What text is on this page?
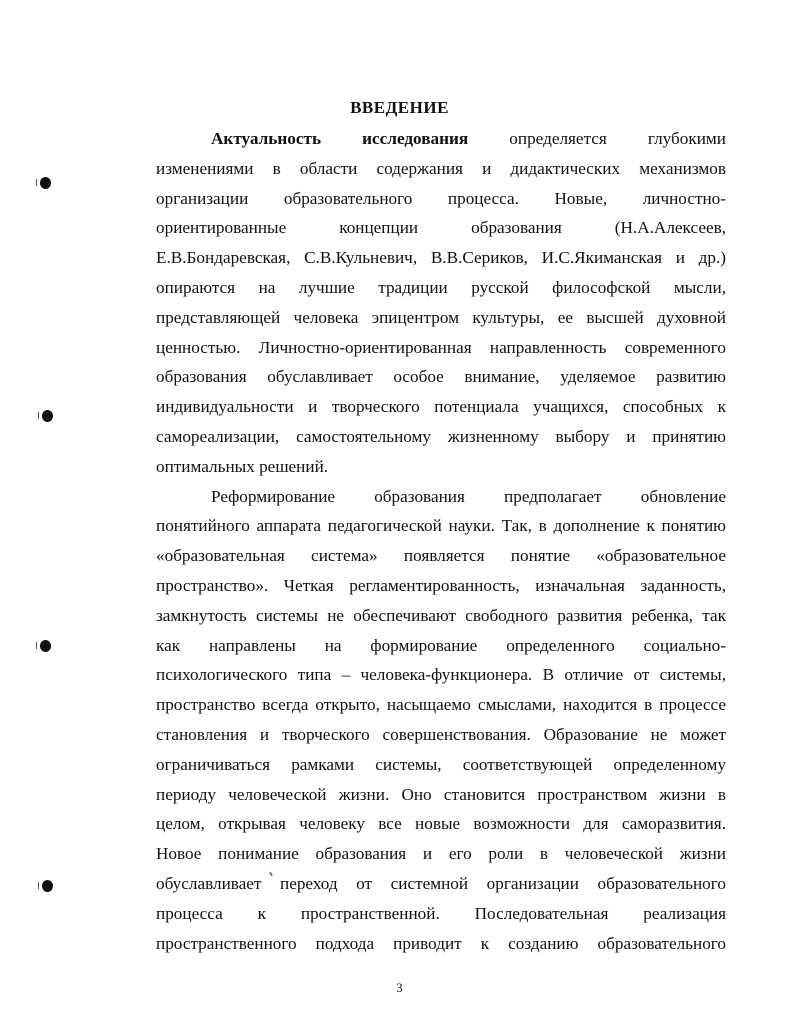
ВВЕДЕНИЕ
Актуальность исследования определяется глубокими
изменениями в области содержания и дидактических механизмов
организации образовательного процесса. Новые, личностно-
ориентированные концепции образования (Н.А.Алексеев,
Е.В.Бондаревская, С.В.Кульневич, В.В.Сериков, И.С.Якиманская и др.)
опираются на лучшие традиции русской философской мысли,
представляющей человека эпицентром культуры, ее высшей духовной
ценностью. Личностно-ориентированная направленность современного
образования обуславливает особое внимание, уделяемое развитию
индивидуальности и творческого потенциала учащихся, способных к
самореализации, самостоятельному жизненному выбору и принятию
оптимальных решений.
Реформирование образования предполагает обновление
понятийного аппарата педагогической науки. Так, в дополнение к понятию
«образовательная система» появляется понятие «образовательное
пространство». Четкая регламентированность, изначальная заданность,
замкнутость системы не обеспечивают свободного развития ребенка, так
как направлены на формирование определенного социально-
психологического типа – человека-функционера. В отличие от системы,
пространство всегда открыто, насыщаемо смыслами, находится в процессе
становления и творческого совершенствования. Образование не может
ограничиваться рамками системы, соответствующей определенному
периоду человеческой жизни. Оно становится пространством жизни в
целом, открывая человеку все новые возможности для саморазвития.
Новое понимание образования и его роли в человеческой жизни
обуславливает переход от системной организации образовательного
процесса к пространственной. Последовательная реализация
пространственного подхода приводит к созданию образовательного
3
